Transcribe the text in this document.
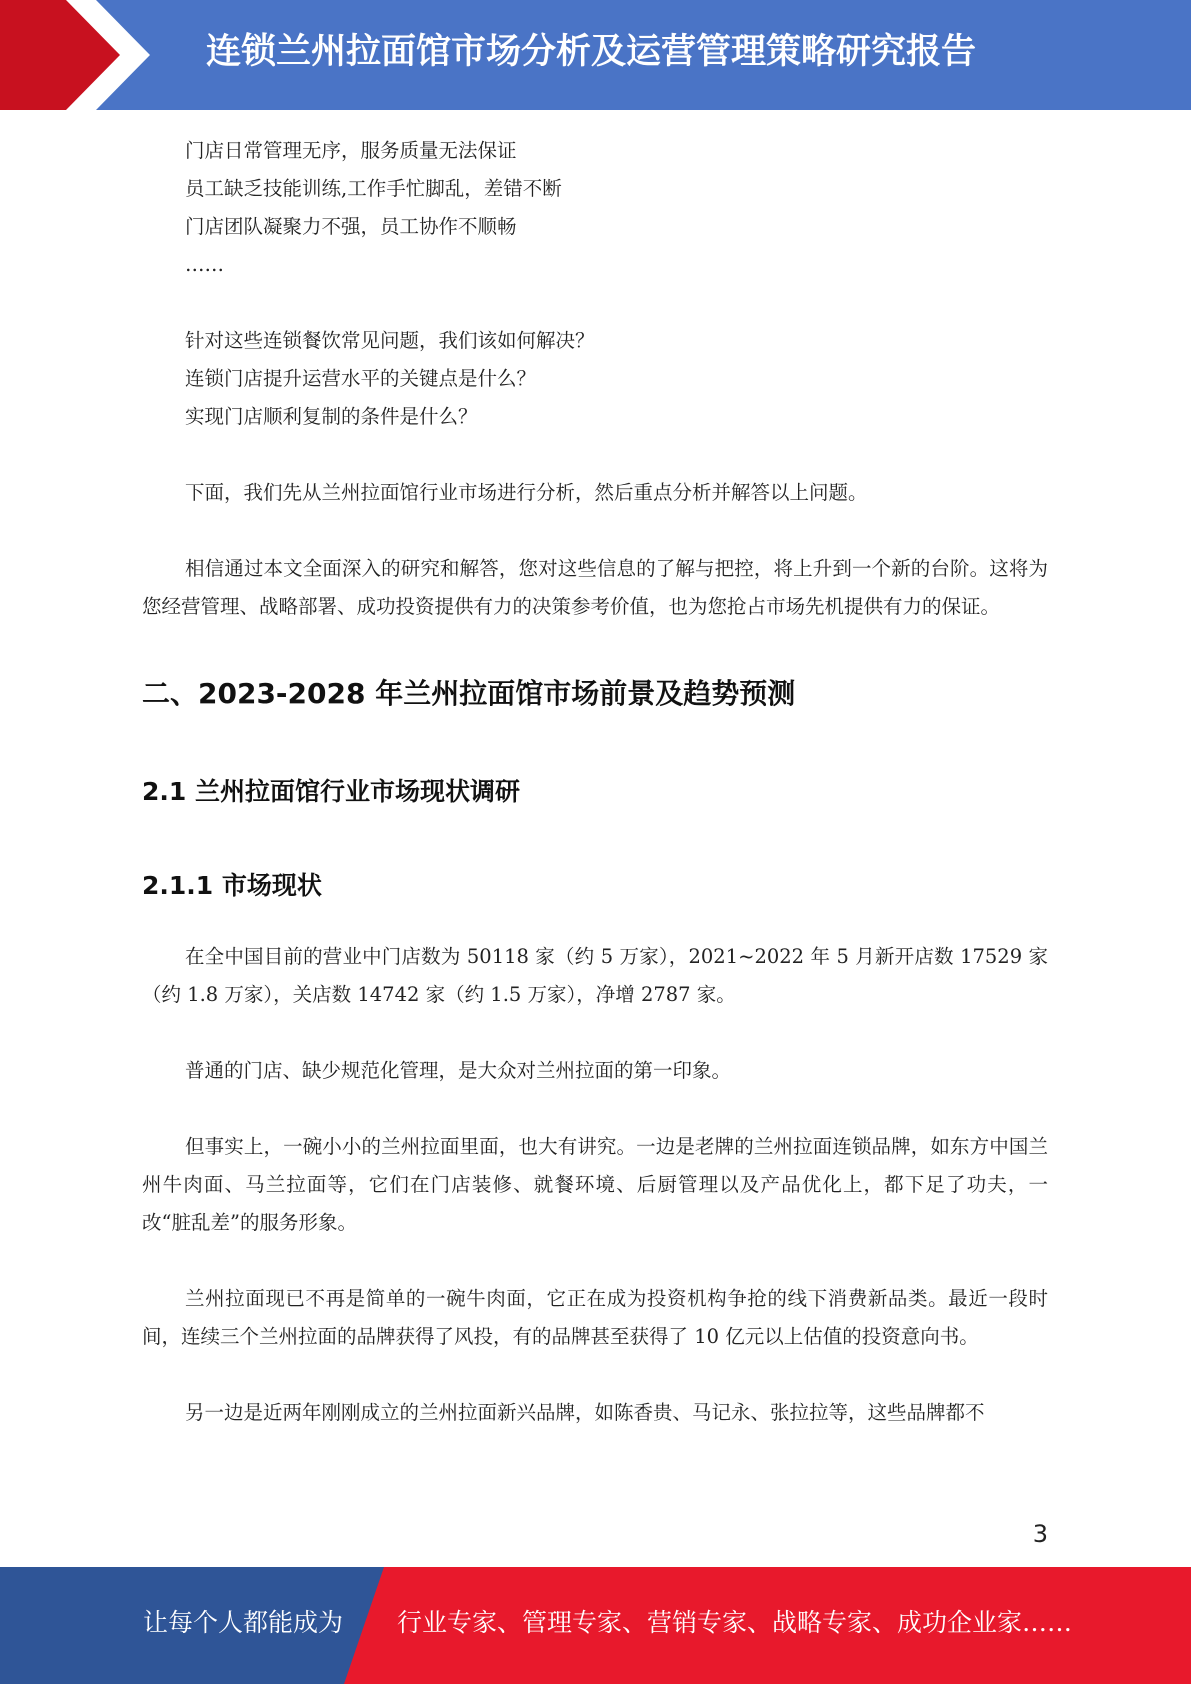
连锁兰州拉面馆市场分析及运营管理策略研究报告

门店日常管理无序，服务质量无法保证

员工缺乏技能训练,工作手忙脚乱，差错不断

门店团队凝聚力不强，员工协作不顺畅

……

针对这些连锁餐饮常见问题，我们该如何解决？

连锁门店提升运营水平的关键点是什么？

实现门店顺利复制的条件是什么？

下面，我们先从兰州拉面馆行业市场进行分析，然后重点分析并解答以上问题。

相信通过本文全面深入的研究和解答，您对这些信息的了解与把控，将上升到一个新的台阶。这将为您经营管理、战略部署、成功投资提供有力的决策参考价值，也为您抢占市场先机提供有力的保证。

二、2023-2028 年兰州拉面馆市场前景及趋势预测
2.1 兰州拉面馆行业市场现状调研
2.1.1 市场现状

在全中国目前的营业中门店数为 50118 家（约 5 万家），2021~2022 年 5 月新开店数 17529 家（约 1.8 万家），关店数 14742 家（约 1.5 万家），净增 2787 家。

普通的门店、缺少规范化管理，是大众对兰州拉面的第一印象。

但事实上，一碗小小的兰州拉面里面，也大有讲究。一边是老牌的兰州拉面连锁品牌，如东方中国兰州牛肉面、马兰拉面等，它们在门店装修、就餐环境、后厨管理以及产品优化上，都下足了功夫，一改“脏乱差”的服务形象。

兰州拉面现已不再是简单的一碗牛肉面，它正在成为投资机构争抢的线下消费新品类。最近一段时间，连续三个兰州拉面的品牌获得了风投，有的品牌甚至获得了 10 亿元以上估值的投资意向书。

另一边是近两年刚刚成立的兰州拉面新兴品牌，如陈香贵、马记永、张拉拉等，这些品牌都不

3
让每个人都能成为 行业专家、管理专家、营销专家、战略专家、成功企业家……
